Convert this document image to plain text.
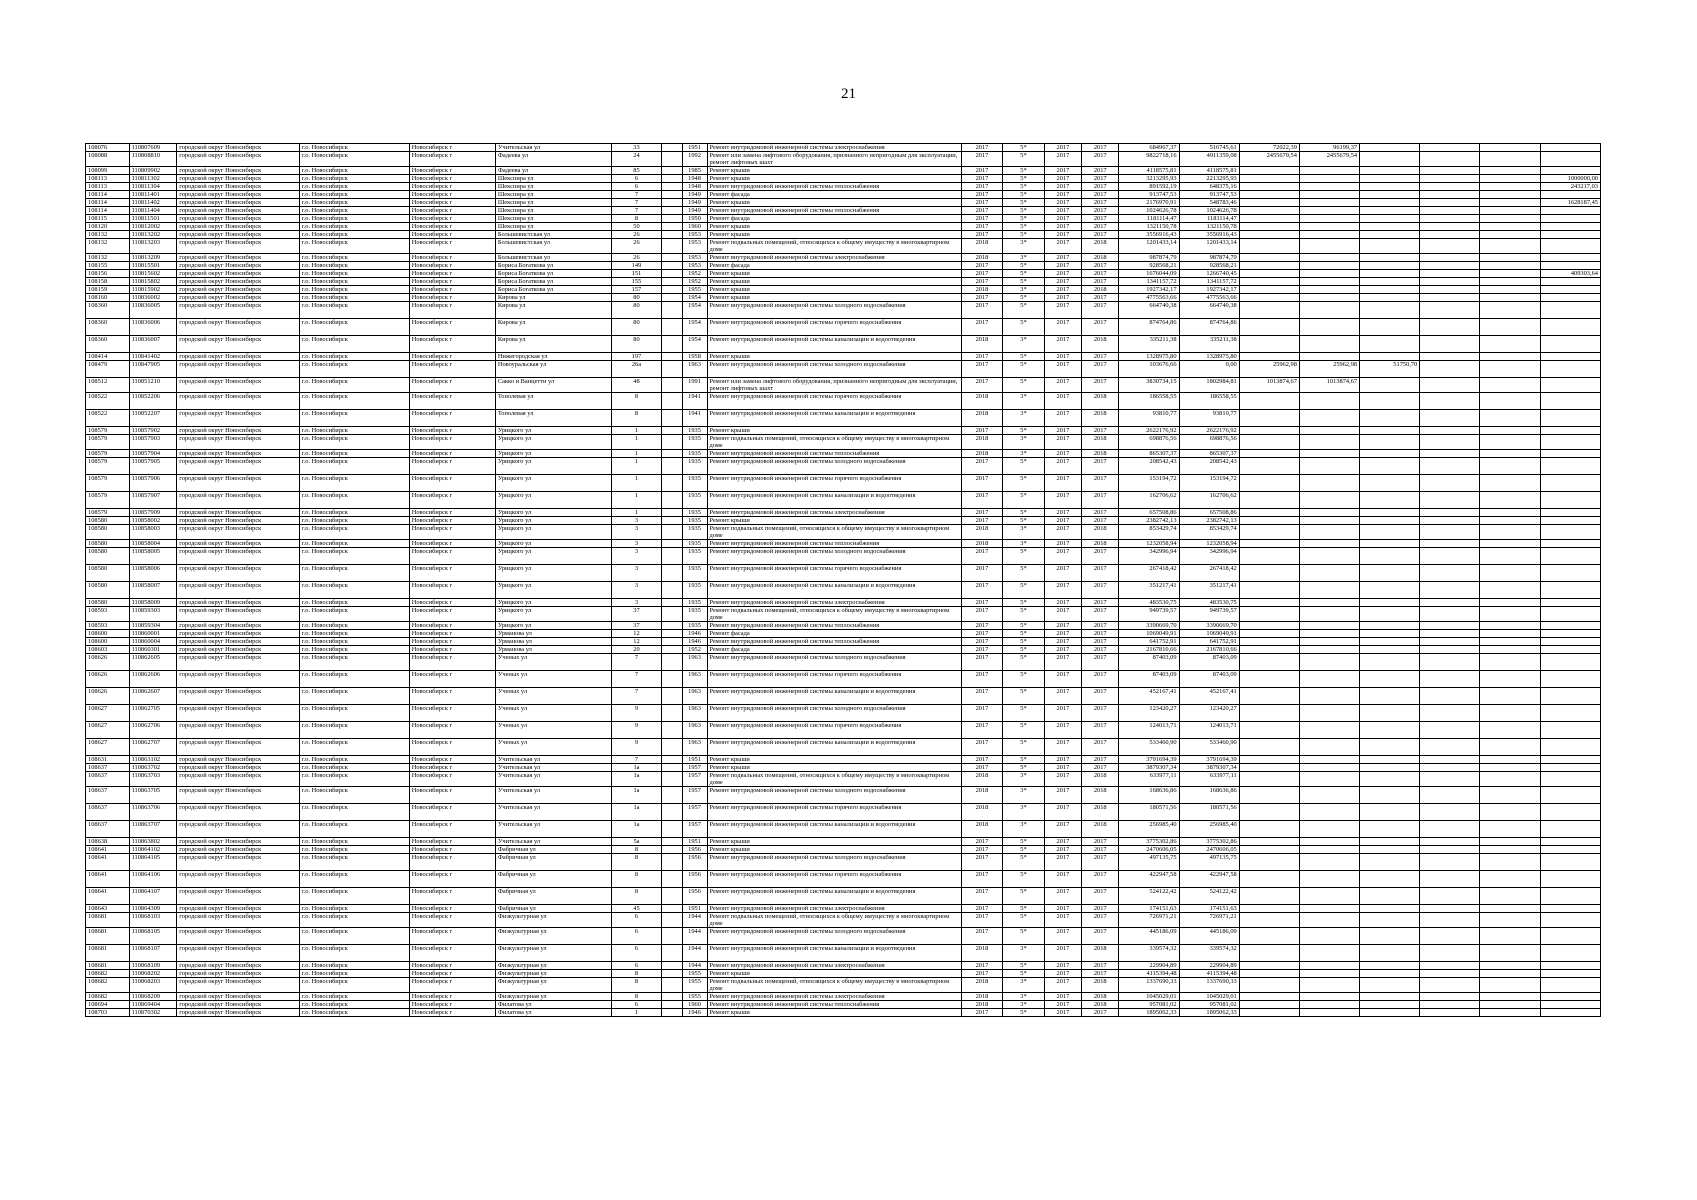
21
108076	110807609	городской округ Новосибирск	г.о. Новосибирск	Новосибирск г	Учительская ул	33		1951	Ремонт внутридомовой инженерной системы электроснабжения	2017	5*	2017	2017	684967,37	516745,61	72022,39	96199,37				
108088	110808810	городской округ Новосибирск	г.о. Новосибирск	Новосибирск г	Фадеева ул	24		1992	Ремонт или замена лифтового оборудования, признанного непригодным для эксплуатации, ремонт лифтовых шахт	2017	5*	2017	2017	9822718,16	4911359,08	2455679,54	2455679,54				
108099	110809902	городской округ Новосибирск	г.о. Новосибирск	Новосибирск г	Фадеева ул	85		1985	Ремонт крыши	2017	5*	2017	2017	4118575,81	4118575,81						
108113	110811302	городской округ Новосибирск	г.о. Новосибирск	Новосибирск г	Шекспира ул	6		1948	Ремонт крыши	2017	5*	2017	2017	3213295,93	2213295,93						1000000,00
108113	110811304	городской округ Новосибирск	г.о. Новосибирск	Новосибирск г	Шекспира ул	6		1948	Ремонт внутридомовой инженерной системы теплоснабжения	2017	5*	2017	2017	891592,19	648375,16						243217,03
108114	110811401	городской округ Новосибирск	г.о. Новосибирск	Новосибирск г	Шекспира ул	7		1949	Ремонт фасада	2017	5*	2017	2017	913747,53	913747,53						
108114	110811402	городской округ Новосибирск	г.о. Новосибирск	Новосибирск г	Шекспира ул	7		1949	Ремонт крыши	2017	5*	2017	2017	2176970,91	548783,46						1628187,45
108114	110811404	городской округ Новосибирск	г.о. Новосибирск	Новосибирск г	Шекспира ул	7		1949	Ремонт внутридомовой инженерной системы теплоснабжения	2017	5*	2017	2017	1024626,78	1024626,78						
108115	110811501	городской округ Новосибирск	г.о. Новосибирск	Новосибирск г	Шекспира ул	8		1950	Ремонт фасада	2017	5*	2017	2017	1181114,47	1181114,47						
108120	110812002	городской округ Новосибирск	г.о. Новосибирск	Новосибирск г	Шекспира ул	50		1960	Ремонт крыши	2017	5*	2017	2017	1321150,78	1321150,78						
108132	110813202	городской округ Новосибирск	г.о. Новосибирск	Новосибирск г	Большевистская ул	26		1953	Ремонт крыши	2017	5*	2017	2017	3556916,43	3556916,43						
108132	110813203	городской округ Новосибирск	г.о. Новосибирск	Новосибирск г	Большевистская ул	26		1953	Ремонт подвальных помещений, относящихся к общему имуществу в многоквартирном доме	2018	3*	2017	2018	1201433,14	1201433,14						
108132	110813209	городской округ Новосибирск	г.о. Новосибирск	Новосибирск г	Большевистская ул	26		1953	Ремонт внутридомовой инженерной системы электроснабжения	2018	3*	2017	2018	987874,79	987874,79						
108155	110815501	городской округ Новосибирск	г.о. Новосибирск	Новосибирск г	Бориса Богаткова ул	149		1953	Ремонт фасада	2017	5*	2017	2017	928568,21	928568,21						
108156	110815602	городской округ Новосибирск	г.о. Новосибирск	Новосибирск г	Бориса Богаткова ул	151		1952	Ремонт крыши	2017	5*	2017	2017	1676044,09	1266740,45						409303,64
108158	110815802	городской округ Новосибирск	г.о. Новосибирск	Новосибирск г	Бориса Богаткова ул	155		1952	Ремонт крыши	2017	5*	2017	2017	1341157,72	1341157,72						
108159	110815902	городской округ Новосибирск	г.о. Новосибирск	Новосибирск г	Бориса Богаткова ул	157		1955	Ремонт крыши	2018	3*	2017	2018	1927342,17	1927342,17						
108160	110836002	городской округ Новосибирск	г.о. Новосибирск	Новосибирск г	Кирова ул	80		1954	Ремонт крыши	2017	5*	2017	2017	4775563,66	4775563,66						
108360	110836005	городской округ Новосибирск	г.о. Новосибирск	Новосибирск г	Кирова ул	80		1954	Ремонт внутридомовой инженерной системы холодного водоснабжения	2017	5*	2017	2017	664740,38	664740,38						
108360	110836006	городской округ Новосибирск	г.о. Новосибирск	Новосибирск г	Кирова ул	80		1954	Ремонт внутридомовой инженерной системы горячего водоснабжения	2017	5*	2017	2017	874764,86	874764,86						
108360	110836007	городской округ Новосибирск	г.о. Новосибирск	Новосибирск г	Кирова ул	80		1954	Ремонт внутридомовой инженерной системы канализации и водоотведения	2018	3*	2017	2018	335211,38	335211,38						
108414	110841402	городской округ Новосибирск	г.о. Новосибирск	Новосибирск г	Нижегородская ул	197		1958	Ремонт крыши	2017	5*	2017	2017	1328975,80	1328975,80						
108479	110847905	городской округ Новосибирск	г.о. Новосибирск	Новосибирск г	Новоуральская ул	26а		1963	Ремонт внутридомовой инженерной системы холодного водоснабжения	2017	5*	2017	2017	103676,66	0,00	25962,98	25962,98	51750,70			
108512	110851210	городской округ Новосибирск	г.о. Новосибирск	Новосибирск г	Сакко и Ванцетти ул	48		1991	Ремонт или замена лифтового оборудования, признанного непригодным для эксплуатации, ремонт лифтовых шахт	2017	5*	2017	2017	3830734,15	1802984,81	1013874,67	1013874,67				
108522	110852206	городской округ Новосибирск	г.о. Новосибирск	Новосибирск г	Тополевая ул	8		1941	Ремонт внутридомовой инженерной системы горячего водоснабжения	2018	3*	2017	2018	186558,55	186558,55						
108522	110852207	городской округ Новосибирск	г.о. Новосибирск	Новосибирск г	Тополевая ул	8		1941	Ремонт внутридомовой инженерной системы канализации и водоотведения	2018	3*	2017	2018	93810,77	93810,77						
108579	110857902	городской округ Новосибирск	г.о. Новосибирск	Новосибирск г	Урицкого ул	1		1935	Ремонт крыши	2017	5*	2017	2017	2622176,92	2622176,92						
108579	110857903	городской округ Новосибирск	г.о. Новосибирск	Новосибирск г	Урицкого ул	1		1935	Ремонт подвальных помещений, относящихся к общему имуществу в многоквартирном доме	2018	3*	2017	2018	698876,56	698876,56						
108579	110857904	городской округ Новосибирск	г.о. Новосибирск	Новосибирск г	Урицкого ул	1		1935	Ремонт внутридомовой инженерной системы теплоснабжения	2018	3*	2017	2018	865307,37	865307,37						
108579	110857905	городской округ Новосибирск	г.о. Новосибирск	Новосибирск г	Урицкого ул	1		1935	Ремонт внутридомовой инженерной системы холодного водоснабжения	2017	5*	2017	2017	208542,43	208542,43						
108579	110857906	городской округ Новосибирск	г.о. Новосибирск	Новосибирск г	Урицкого ул	1		1935	Ремонт внутридомовой инженерной системы горячего водоснабжения	2017	5*	2017	2017	153194,72	153194,72						
108579	110857907	городской округ Новосибирск	г.о. Новосибирск	Новосибирск г	Урицкого ул	1		1935	Ремонт внутридомовой инженерной системы канализации и водоотведения	2017	5*	2017	2017	162706,62	162706,62						
108579	110857909	городской округ Новосибирск	г.о. Новосибирск	Новосибирск г	Урицкого ул	1		1935	Ремонт внутридомовой инженерной системы электроснабжения	2017	5*	2017	2017	657508,86	657508,86						
108580	110858002	городской округ Новосибирск	г.о. Новосибирск	Новосибирск г	Урицкого ул	3		1935	Ремонт крыши	2017	5*	2017	2017	2382742,13	2382742,13						
108580	110858003	городской округ Новосибирск	г.о. Новосибирск	Новосибирск г	Урицкого ул	3		1935	Ремонт подвальных помещений, относящихся к общему имуществу в многоквартирном доме	2018	3*	2017	2018	853429,74	853429,74						
108580	110858004	городской округ Новосибирск	г.о. Новосибирск	Новосибирск г	Урицкого ул	3		1935	Ремонт внутридомовой инженерной системы теплоснабжения	2018	3*	2017	2018	1232058,94	1232058,94						
108580	110858005	городской округ Новосибирск	г.о. Новосибирск	Новосибирск г	Урицкого ул	3		1935	Ремонт внутридомовой инженерной системы холодного водоснабжения	2017	5*	2017	2017	342996,94	342996,94						
108580	110858006	городской округ Новосибирск	г.о. Новосибирск	Новосибирск г	Урицкого ул	3		1935	Ремонт внутридомовой инженерной системы горячего водоснабжения	2017	5*	2017	2017	267418,42	267418,42						
108580	110858007	городской округ Новосибирск	г.о. Новосибирск	Новосибирск г	Урицкого ул	3		1935	Ремонт внутридомовой инженерной системы канализации и водоотведения	2017	5*	2017	2017	351217,41	351217,41						
108580	110858009	городской округ Новосибирск	г.о. Новосибирск	Новосибирск г	Урицкого ул	3		1935	Ремонт внутридомовой инженерной системы электроснабжения	2017	5*	2017	2017	483530,75	483530,75						
108593	110859303	городской округ Новосибирск	г.о. Новосибирск	Новосибирск г	Урицкого ул	37		1935	Ремонт подвальных помещений, относящихся к общему имуществу в многоквартирном доме	2017	5*	2017	2017	949739,57	949739,57						
108593	110859304	городской округ Новосибирск	г.о. Новосибирск	Новосибирск г	Урицкого ул	37		1935	Ремонт внутридомовой инженерной системы теплоснабжения	2017	5*	2017	2017	3390669,70	3390669,70						
108600	110860001	городской округ Новосибирск	г.о. Новосибирск	Новосибирск г	Урманова ул	12		1946	Ремонт фасада	2017	5*	2017	2017	1069049,91	1069049,91						
108600	110860004	городской округ Новосибирск	г.о. Новосибирск	Новосибирск г	Урманова ул	12		1946	Ремонт внутридомовой инженерной системы теплоснабжения	2017	5*	2017	2017	641752,91	641752,91						
108603	110860301	городской округ Новосибирск	г.о. Новосибирск	Новосибирск г	Урманова ул	20		1952	Ремонт фасада	2017	5*	2017	2017	2167810,66	2167810,66						
108626	110862605	городской округ Новосибирск	г.о. Новосибирск	Новосибирск г	Ученых ул	7		1963	Ремонт внутридомовой инженерной системы холодного водоснабжения	2017	5*	2017	2017	87403,09	87403,09						
108626	110862606	городской округ Новосибирск	г.о. Новосибирск	Новосибирск г	Ученых ул	7		1963	Ремонт внутридомовой инженерной системы горячего водоснабжения	2017	5*	2017	2017	87403,09	87403,09						
108626	110862607	городской округ Новосибирск	г.о. Новосибирск	Новосибирск г	Ученых ул	7		1963	Ремонт внутридомовой инженерной системы канализации и водоотведения	2017	5*	2017	2017	452167,41	452167,41						
108627	110862705	городской округ Новосибирск	г.о. Новосибирск	Новосибирск г	Ученых ул	9		1963	Ремонт внутридомовой инженерной системы холодного водоснабжения	2017	5*	2017	2017	123420,27	123420,27						
108627	110862706	городской округ Новосибирск	г.о. Новосибирск	Новосибирск г	Ученых ул	9		1963	Ремонт внутридомовой инженерной системы горячего водоснабжения	2017	5*	2017	2017	124013,71	124013,71						
108627	110862707	городской округ Новосибирск	г.о. Новосибирск	Новосибирск г	Ученых ул	9		1963	Ремонт внутридомовой инженерной системы канализации и водоотведения	2017	5*	2017	2017	533460,90	533460,90						
108631	110863102	городской округ Новосибирск	г.о. Новосибирск	Новосибирск г	Учительская ул	7		1951	Ремонт крыши	2017	5*	2017	2017	3791694,39	3791694,39						
108637	110863702	городской округ Новосибирск	г.о. Новосибирск	Новосибирск г	Учительская ул	1а		1957	Ремонт крыши	2017	5*	2017	2017	3879307,34	3879307,34						
108637	110863703	городской округ Новосибирск	г.о. Новосибирск	Новосибирск г	Учительская ул	1а		1957	Ремонт подвальных помещений, относящихся к общему имуществу в многоквартирном доме	2018	3*	2017	2018	633977,11	633977,11						
108637	110863705	городской округ Новосибирск	г.о. Новосибирск	Новосибирск г	Учительская ул	1а		1957	Ремонт внутридомовой инженерной системы холодного водоснабжения	2018	3*	2017	2018	168636,86	168636,86						
108637	110863706	городской округ Новосибирск	г.о. Новосибирск	Новосибирск г	Учительская ул	1а		1957	Ремонт внутридомовой инженерной системы горячего водоснабжения	2018	3*	2017	2018	180571,56	180571,56						
108637	110863707	городской округ Новосибирск	г.о. Новосибирск	Новосибирск г	Учительская ул	1а		1957	Ремонт внутридомовой инженерной системы канализации и водоотведения	2018	3*	2017	2018	256985,40	256985,40						
108638	110863802	городской округ Новосибирск	г.о. Новосибирск	Новосибирск г	Учительская ул	5а		1951	Ремонт крыши	2017	5*	2017	2017	3775302,86	3775302,86						
108641	110864102	городской округ Новосибирск	г.о. Новосибирск	Новосибирск г	Фабричная ул	8		1956	Ремонт крыши	2017	5*	2017	2017	2470606,05	2470606,05						
108641	110864105	городской округ Новосибирск	г.о. Новосибирск	Новосибирск г	Фабричная ул	8		1956	Ремонт внутридомовой инженерной системы холодного водоснабжения	2017	5*	2017	2017	497135,75	497135,75						
108641	110864106	городской округ Новосибирск	г.о. Новосибирск	Новосибирск г	Фабричная ул	8		1956	Ремонт внутридомовой инженерной системы горячего водоснабжения	2017	5*	2017	2017	422947,58	422947,58						
108641	110864107	городской округ Новосибирск	г.о. Новосибирск	Новосибирск г	Фабричная ул	8		1956	Ремонт внутридомовой инженерной системы канализации и водоотведения	2017	5*	2017	2017	524122,42	524122,42						
108643	110864309	городской округ Новосибирск	г.о. Новосибирск	Новосибирск г	Фабричная ул	45		1951	Ремонт внутридомовой инженерной системы электроснабжения	2017	5*	2017	2017	174151,63	174151,63						
108681	110868103	городской округ Новосибирск	г.о. Новосибирск	Новосибирск г	Физкультурная ул	6		1944	Ремонт подвальных помещений, относящихся к общему имуществу в многоквартирном доме	2017	5*	2017	2017	726971,21	726971,21						
108681	110868105	городской округ Новосибирск	г.о. Новосибирск	Новосибирск г	Физкультурная ул	6		1944	Ремонт внутридомовой инженерной системы холодного водоснабжения	2017	5*	2017	2017	445186,09	445186,09						
108681	110868107	городской округ Новосибирск	г.о. Новосибирск	Новосибирск г	Физкультурная ул	6		1944	Ремонт внутридомовой инженерной системы канализации и водоотведения	2018	3*	2017	2018	339574,32	339574,32						
108681	110868109	городской округ Новосибирск	г.о. Новосибирск	Новосибирск г	Физкультурная ул	6		1944	Ремонт внутридомовой инженерной системы электроснабжения	2017	5*	2017	2017	229904,89	229904,89						
108682	110868202	городской округ Новосибирск	г.о. Новосибирск	Новосибирск г	Физкультурная ул	8		1955	Ремонт крыши	2017	5*	2017	2017	4115394,48	4115394,48						
108682	110868203	городской округ Новосибирск	г.о. Новосибирск	Новосибирск г	Физкультурная ул	8		1955	Ремонт подвальных помещений, относящихся к общему имуществу в многоквартирном доме	2018	3*	2017	2018	1337690,33	1337690,33						
108682	110868209	городской округ Новосибирск	г.о. Новосибирск	Новосибирск г	Физкультурная ул	8		1955	Ремонт внутридомовой инженерной системы электроснабжения	2018	3*	2017	2018	1045029,01	1045029,01						
108694	110869404	городской округ Новосибирск	г.о. Новосибирск	Новосибирск г	Филатова ул	6		1960	Ремонт внутридомовой инженерной системы теплоснабжения	2018	3*	2017	2018	957081,02	957081,02						
108703	110870302	городской округ Новосибирск	г.о. Новосибирск	Новосибирск г	Филатова ул	1		1946	Ремонт крыши	2017	5*	2017	2017	1895062,33	1895062,33						
